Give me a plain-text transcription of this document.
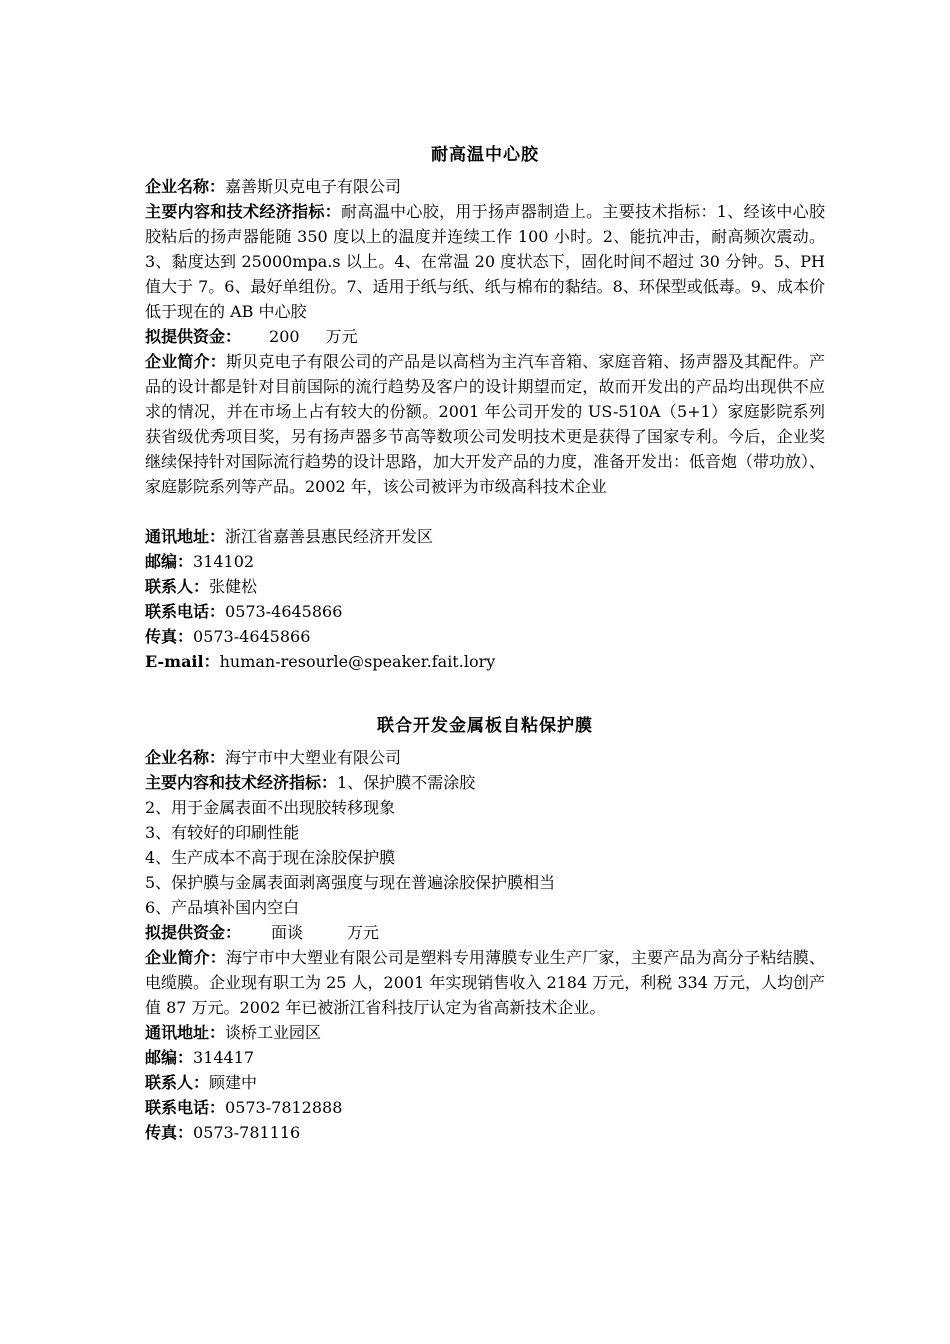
耐高温中心胶
企业名称：嘉善斯贝克电子有限公司
主要内容和技术经济指标：耐高温中心胶，用于扬声器制造上。主要技术指标：1、经该中心胶胶粘后的扬声器能随 350 度以上的温度并连续工作 100 小时。2、能抗冲击，耐高频次震动。3、黏度达到 25000mpa.s 以上。4、在常温 20 度状态下，固化时间不超过 30 分钟。5、PH 值大于 7。6、最好单组份。7、适用于纸与纸、纸与棉布的黏结。8、环保型或低毒。9、成本价低于现在的 AB 中心胶
拟提供资金： 200 万元
企业简介：斯贝克电子有限公司的产品是以高档为主汽车音箱、家庭音箱、扬声器及其配件。产品的设计都是针对目前国际的流行趋势及客户的设计期望而定，故而开发出的产品均出现供不应求的情况，并在市场上占有较大的份额。2001 年公司开发的 US-510A（5+1）家庭影院系列获省级优秀项目奖，另有扬声器多节高等数项公司发明技术更是获得了国家专利。今后，企业奖继续保持针对国际流行趋势的设计思路，加大开发产品的力度，准备开发出：低音炮（带功放）、家庭影院系列等产品。2002 年，该公司被评为市级高科技术企业
通讯地址：浙江省嘉善县惠民经济开发区
邮编：314102
联系人：张健松
联系电话：0573-4645866
传真：0573-4645866
E-mail：human-resourle@speaker.fait.lory
联合开发金属板自粘保护膜
企业名称：海宁市中大塑业有限公司
主要内容和技术经济指标：1、保护膜不需涂胶
2、用于金属表面不出现胶转移现象
3、有较好的印刷性能
4、生产成本不高于现在涂胶保护膜
5、保护膜与金属表面剥离强度与现在普遍涂胶保护膜相当
6、产品填补国内空白
拟提供资金： 面谈	万元
企业简介：海宁市中大塑业有限公司是塑料专用薄膜专业生产厂家，主要产品为高分子粘结膜、电缆膜。企业现有职工为 25 人，2001 年实现销售收入 2184 万元，利税 334 万元，人均创产值 87 万元。2002 年已被浙江省科技厅认定为省高新技术企业。
通讯地址：谈桥工业园区
邮编：314417
联系人：顾建中
联系电话：0573-7812888
传真：0573-781116
